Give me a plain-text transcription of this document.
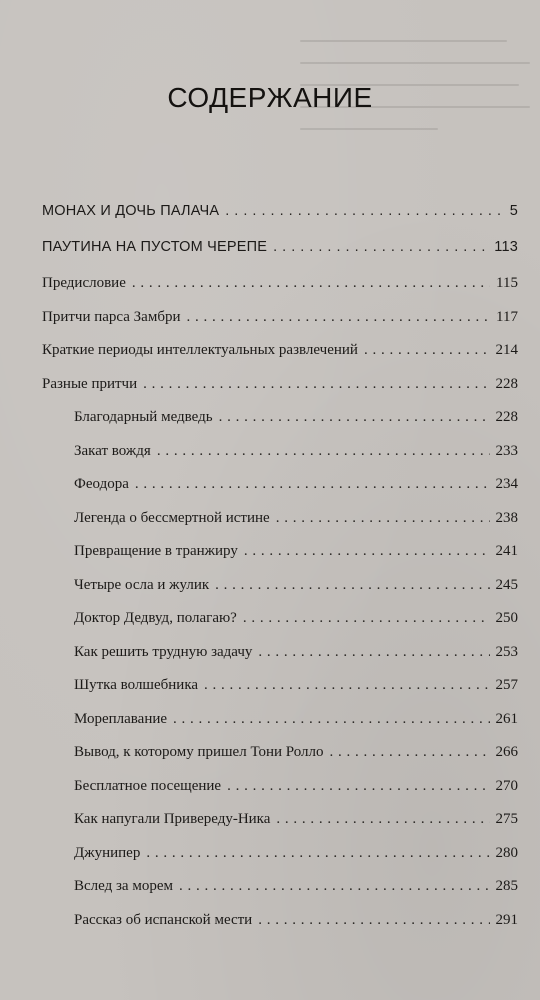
СОДЕРЖАНИЕ
МОНАХ И ДОЧЬ ПАЛАЧА . . .	5
ПАУТИНА НА ПУСТОМ ЧЕРЕПЕ . . .	113
Предисловие . . .	115
Притчи парса Замбри . . .	117
Краткие периоды интеллектуальных развлечений . . .	214
Разные притчи . . .	228
Благодарный медведь . . .	228
Закат вождя . . .	233
Феодора . . .	234
Легенда о бессмертной истине . . .	238
Превращение в транжиру . . .	241
Четыре осла и жулик . . .	245
Доктор Дедвуд, полагаю? . . .	250
Как решить трудную задачу . . .	253
Шутка волшебника . . .	257
Мореплавание . . .	261
Вывод, к которому пришел Тони Ролло . . .	266
Бесплатное посещение . . .	270
Как напугали Привереду-Ника . . .	275
Джунипер . . .	280
Вслед за морем . . .	285
Рассказ об испанской мести . . .	291
